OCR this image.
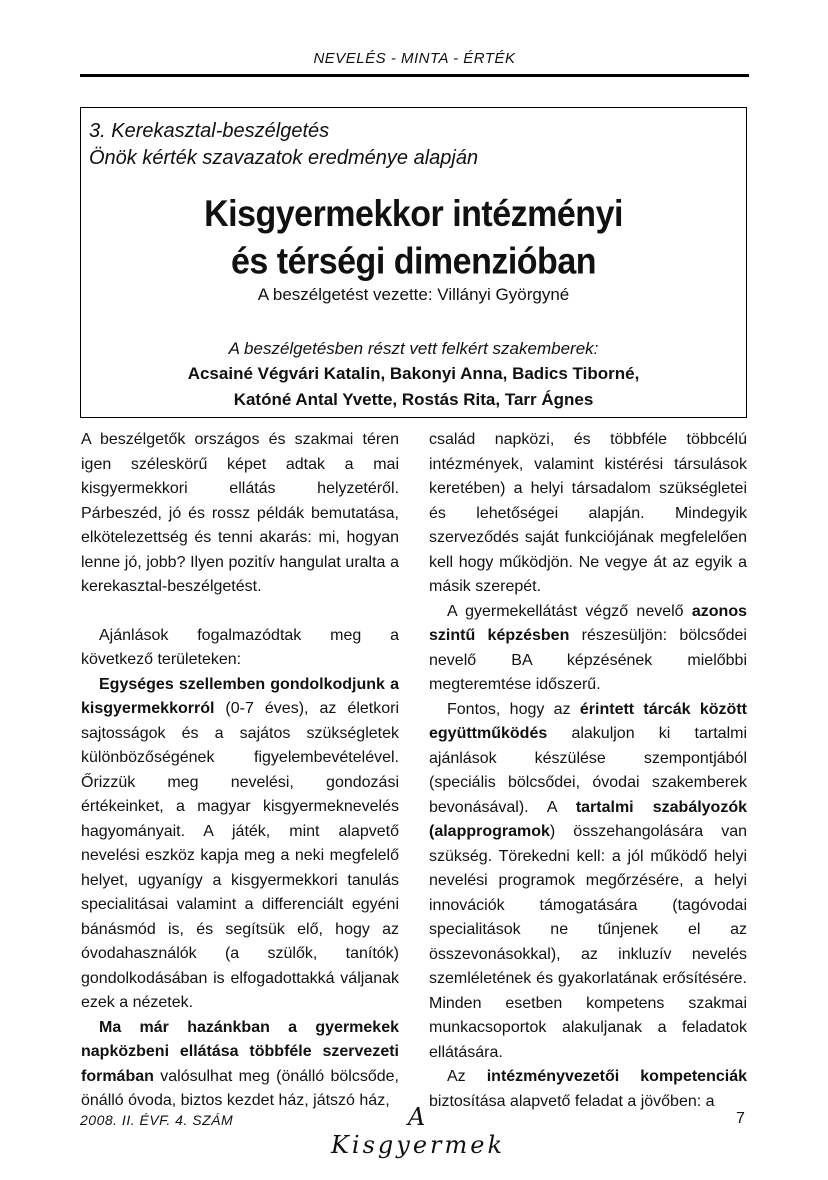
NEVELÉS - MINTA - ÉRTÉK
3. Kerekasztal-beszélgetés
Önök kérték szavazatok eredménye alapján
Kisgyermekkor intézményi
és térségi dimenzióban
A beszélgetést vezette: Villányi Györgyné
A beszélgetésben részt vett felkért szakemberek:
Acsainé Végvári Katalin, Bakonyi Anna, Badics Tiborné,
Katóné Antal Yvette, Rostás Rita, Tarr Ágnes

A beszélgetők országos és szakmai téren igen széleskörű képet adtak a mai kisgyermekkori ellátás helyzetéről. Párbeszéd, jó és rossz példák bemutatása, elkötelezettség és tenni akarás: mi, hogyan lenne jó, jobb? Ilyen pozitív hangulat uralta a kerekasztal-beszélgetést.

Ajánlások fogalmazódtak meg a következő területeken:

Egységes szellemben gondolkodjunk a kisgyermekkorról (0-7 éves), az életkori sajtosságok és a sajátos szükségletek különbözőségének figyelembevételével. Őrizzük meg nevelési, gondozási értékeinket, a magyar kisgyermeknevelés hagyományait. A játék, mint alapvető nevelési eszköz kapja meg a neki megfelelő helyet, ugyanígy a kisgyermekkori tanulás specialitásai valamint a differenciált egyéni bánásmód is, és segítsük elő, hogy az óvodahasználók (a szülők, tanítók) gondolkodásában is elfogadottakká váljanak ezek a nézetek.

Ma már hazánkban a gyermekek napközbeni ellátása többféle szervezeti formában valósulhat meg (önálló bölcsőde, önálló óvoda, biztos kezdet ház, játszó ház,

család napközi, és többféle többcélú intézmények, valamint kistérési társulások keretében) a helyi társadalom szükségletei és lehetőségei alapján. Mindegyik szerveződés saját funkciójának megfelelően kell hogy működjön. Ne vegye át az egyik a másik szerepét.

A gyermekellátást végző nevelő azonos szintű képzésben részesüljön: bölcsődei nevelő BA képzésének mielőbbi megteremtése időszerű.

Fontos, hogy az érintett tárcák között együttműködés alakuljon ki tartalmi ajánlások készülése szempontjából (speciális bölcsődei, óvodai szakemberek bevonásával). A tartalmi szabályozók (alapprogramok) összehangolására van szükség. Törekedni kell: a jól működő helyi nevelési programok megőrzésére, a helyi innovációk támogatására (tagóvodai specialitások ne tűnjenek el az összevonásokkal), az inkluzív nevelés szemléletének és gyakorlatának erősítésére. Minden esetben kompetens szakmai munkacsoportok alakuljanak a feladatok ellátására.

Az intézményvezetői kompetenciák biztosítása alapvető feladat a jövőben: a

2008. II. ÉVF. 4. SZÁM	A Kisgyermek
7
